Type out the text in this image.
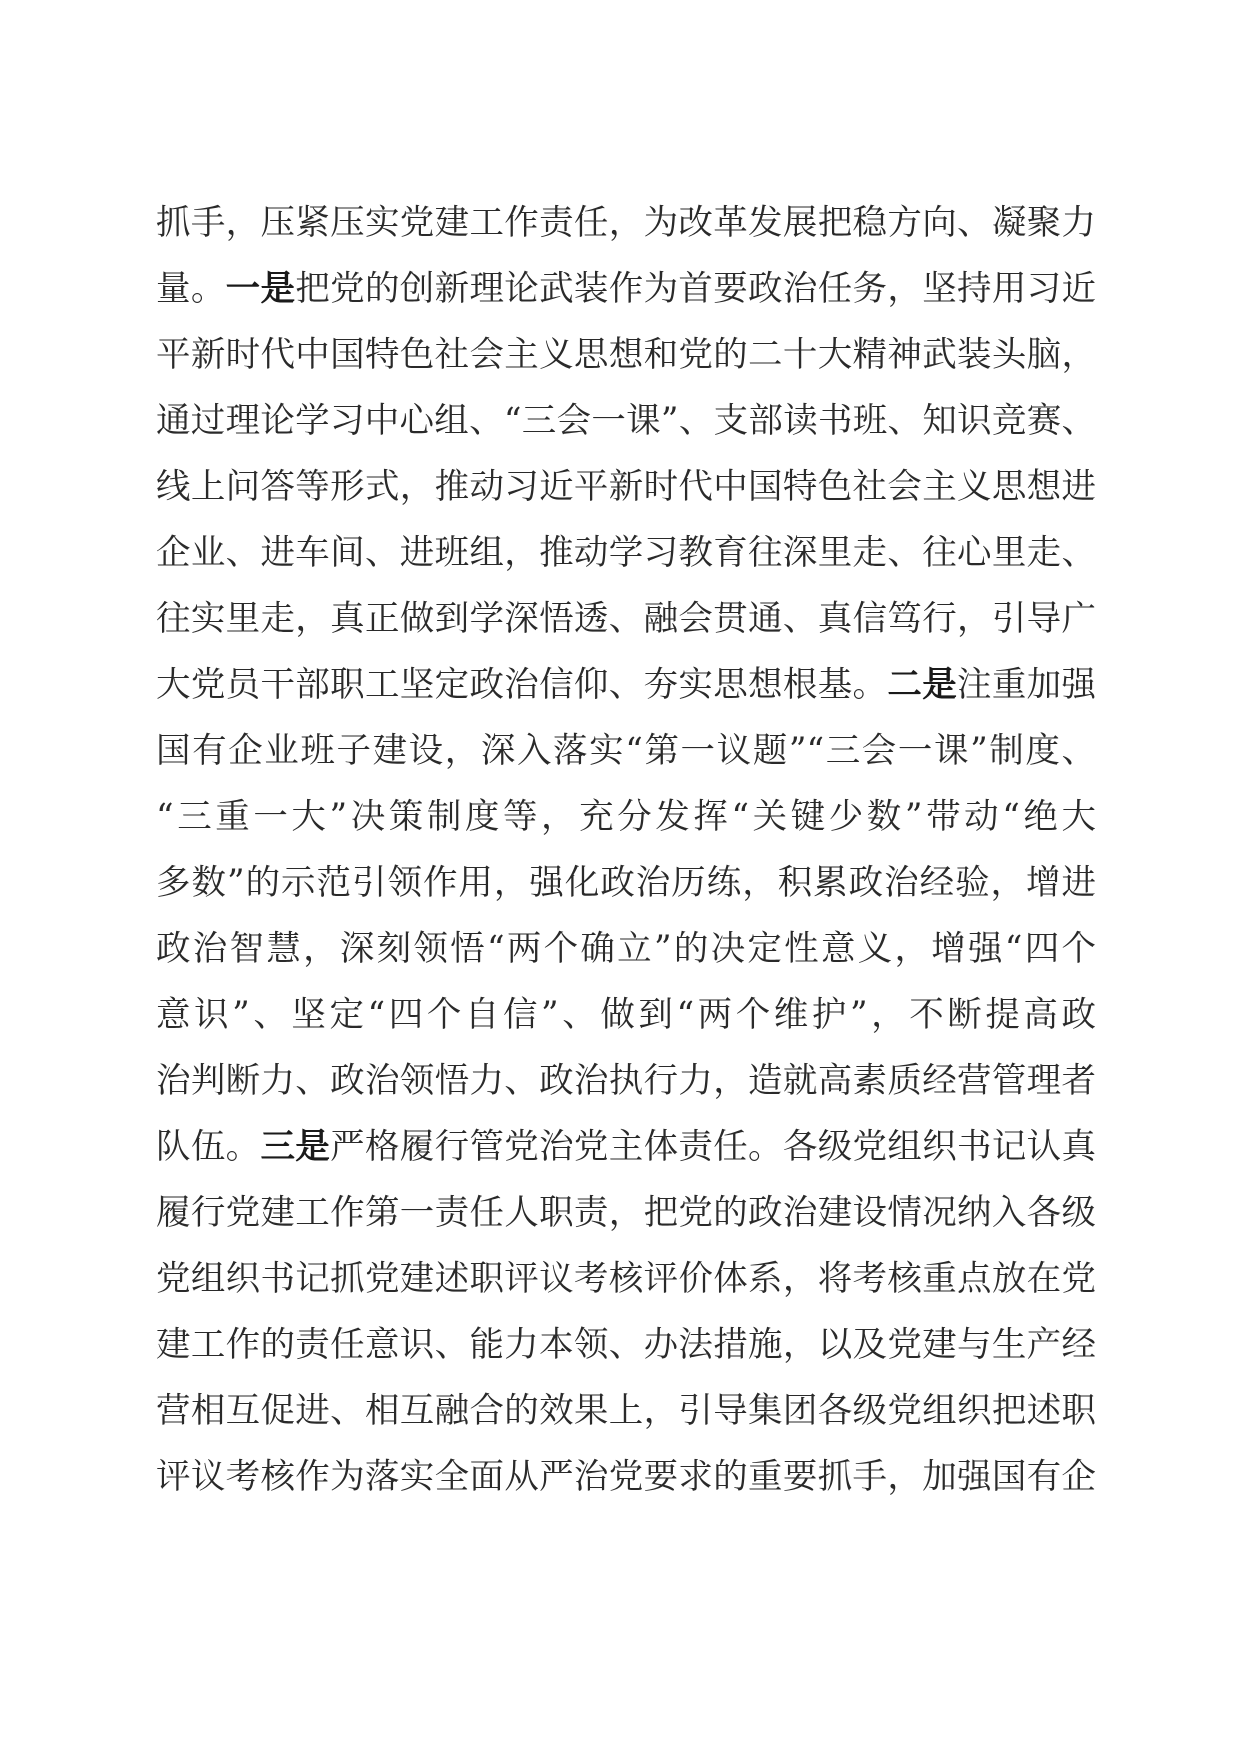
抓手，压紧压实党建工作责任，为改革发展把稳方向、凝聚力
量。一是把党的创新理论武装作为首要政治任务，坚持用习近
平新时代中国特色社会主义思想和党的二十大精神武装头脑，
通过理论学习中心组、“三会一课”、支部读书班、知识竞赛、
线上问答等形式，推动习近平新时代中国特色社会主义思想进
企业、进车间、进班组，推动学习教育往深里走、往心里走、
往实里走，真正做到学深悟透、融会贯通、真信笃行，引导广
大党员干部职工坚定政治信仰、夯实思想根基。二是注重加强
国有企业班子建设，深入落实“第一议题”“三会一课”制度、
“三重一大”决策制度等，充分发挥“关键少数”带动“绝大
多数”的示范引领作用，强化政治历练，积累政治经验，增进
政治智慧，深刻领悟“两个确立”的决定性意义，增强“四个
意识”、坚定“四个自信”、做到“两个维护”，不断提高政
治判断力、政治领悟力、政治执行力，造就高素质经营管理者
队伍。三是严格履行管党治党主体责任。各级党组织书记认真
履行党建工作第一责任人职责，把党的政治建设情况纳入各级
党组织书记抓党建述职评议考核评价体系，将考核重点放在党
建工作的责任意识、能力本领、办法措施，以及党建与生产经
营相互促进、相互融合的效果上，引导集团各级党组织把述职
评议考核作为落实全面从严治党要求的重要抓手，加强国有企
